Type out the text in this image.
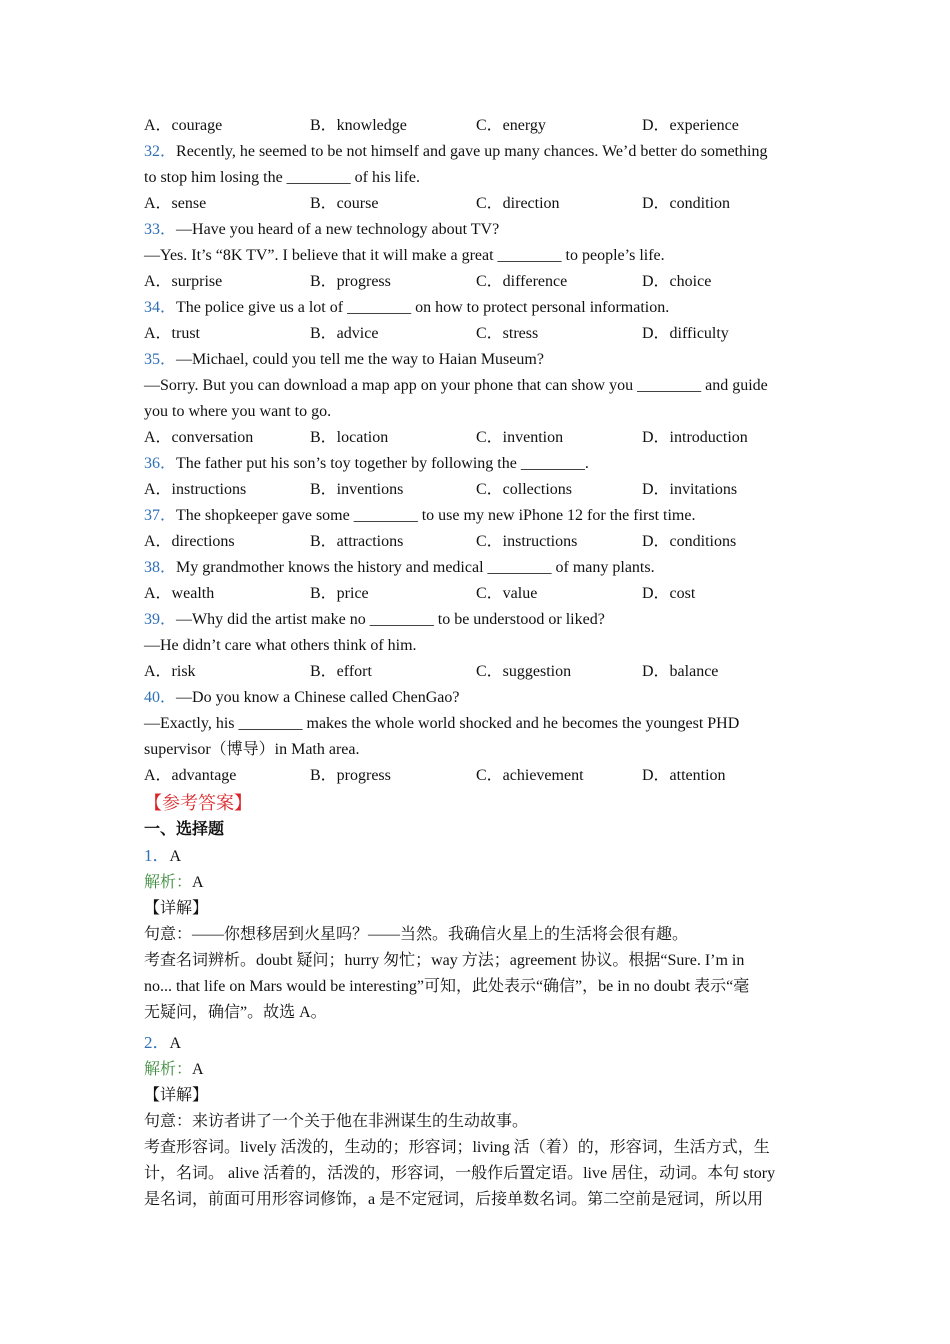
A．courage	B．knowledge	C．energy	D．experience
32．Recently, he seemed to be not himself and gave up many chances. We’d better do something
to stop him losing the ________ of his life.
A．sense	B．course	C．direction	D．condition
33．—Have you heard of a new technology about TV?
—Yes. It’s “8K TV”. I believe that it will make a great ________ to people’s life.
A．surprise	B．progress	C．difference	D．choice
34．The police give us a lot of ________ on how to protect personal information.
A．trust	B．advice	C．stress	D．difficulty
35．—Michael, could you tell me the way to Haian Museum?
—Sorry. But you can download a map app on your phone that can show you ________ and guide
you to where you want to go.
A．conversation	B．location	C．invention	D．introduction
36．The father put his son’s toy together by following the ________.
A．instructions	B．inventions	C．collections	D．invitations
37．The shopkeeper gave some ________ to use my new iPhone 12 for the first time.
A．directions	B．attractions	C．instructions	D．conditions
38．My grandmother knows the history and medical ________ of many plants.
A．wealth	B．price	C．value	D．cost
39．—Why did the artist make no ________ to be understood or liked?
—He didn’t care what others think of him.
A．risk	B．effort	C．suggestion	D．balance
40．—Do you know a Chinese called ChenGao?
—Exactly, his ________ makes the whole world shocked and he becomes the youngest PHD
supervisor（博导）in Math area.
A．advantage	B．progress	C．achievement	D．attention
【参考答案】
一、选择题
1．A
解析：A
【详解】
句意：——你想移居到火星吗？——当然。我确信火星上的生活将会很有趣。
考查名词辨析。doubt 疑问；hurry 匆忙；way 方法；agreement 协议。根据“Sure. I’m in
no... that life on Mars would be interesting”可知，此处表示“确信”，be in no doubt 表示“毫
无疑问，确信”。故选 A。
2．A
解析：A
【详解】
句意：来访者讲了一个关于他在非洲谋生的生动故事。
考查形容词。lively 活泼的，生动的；形容词；living 活（着）的，形容词，生活方式，生
计，名词。 alive 活着的，活泼的，形容词，一般作后置定语。live 居住，动词。本句 story
是名词，前面可用形容词修饰，a 是不定冠词，后接单数名词。第二空前是冠词，所以用
